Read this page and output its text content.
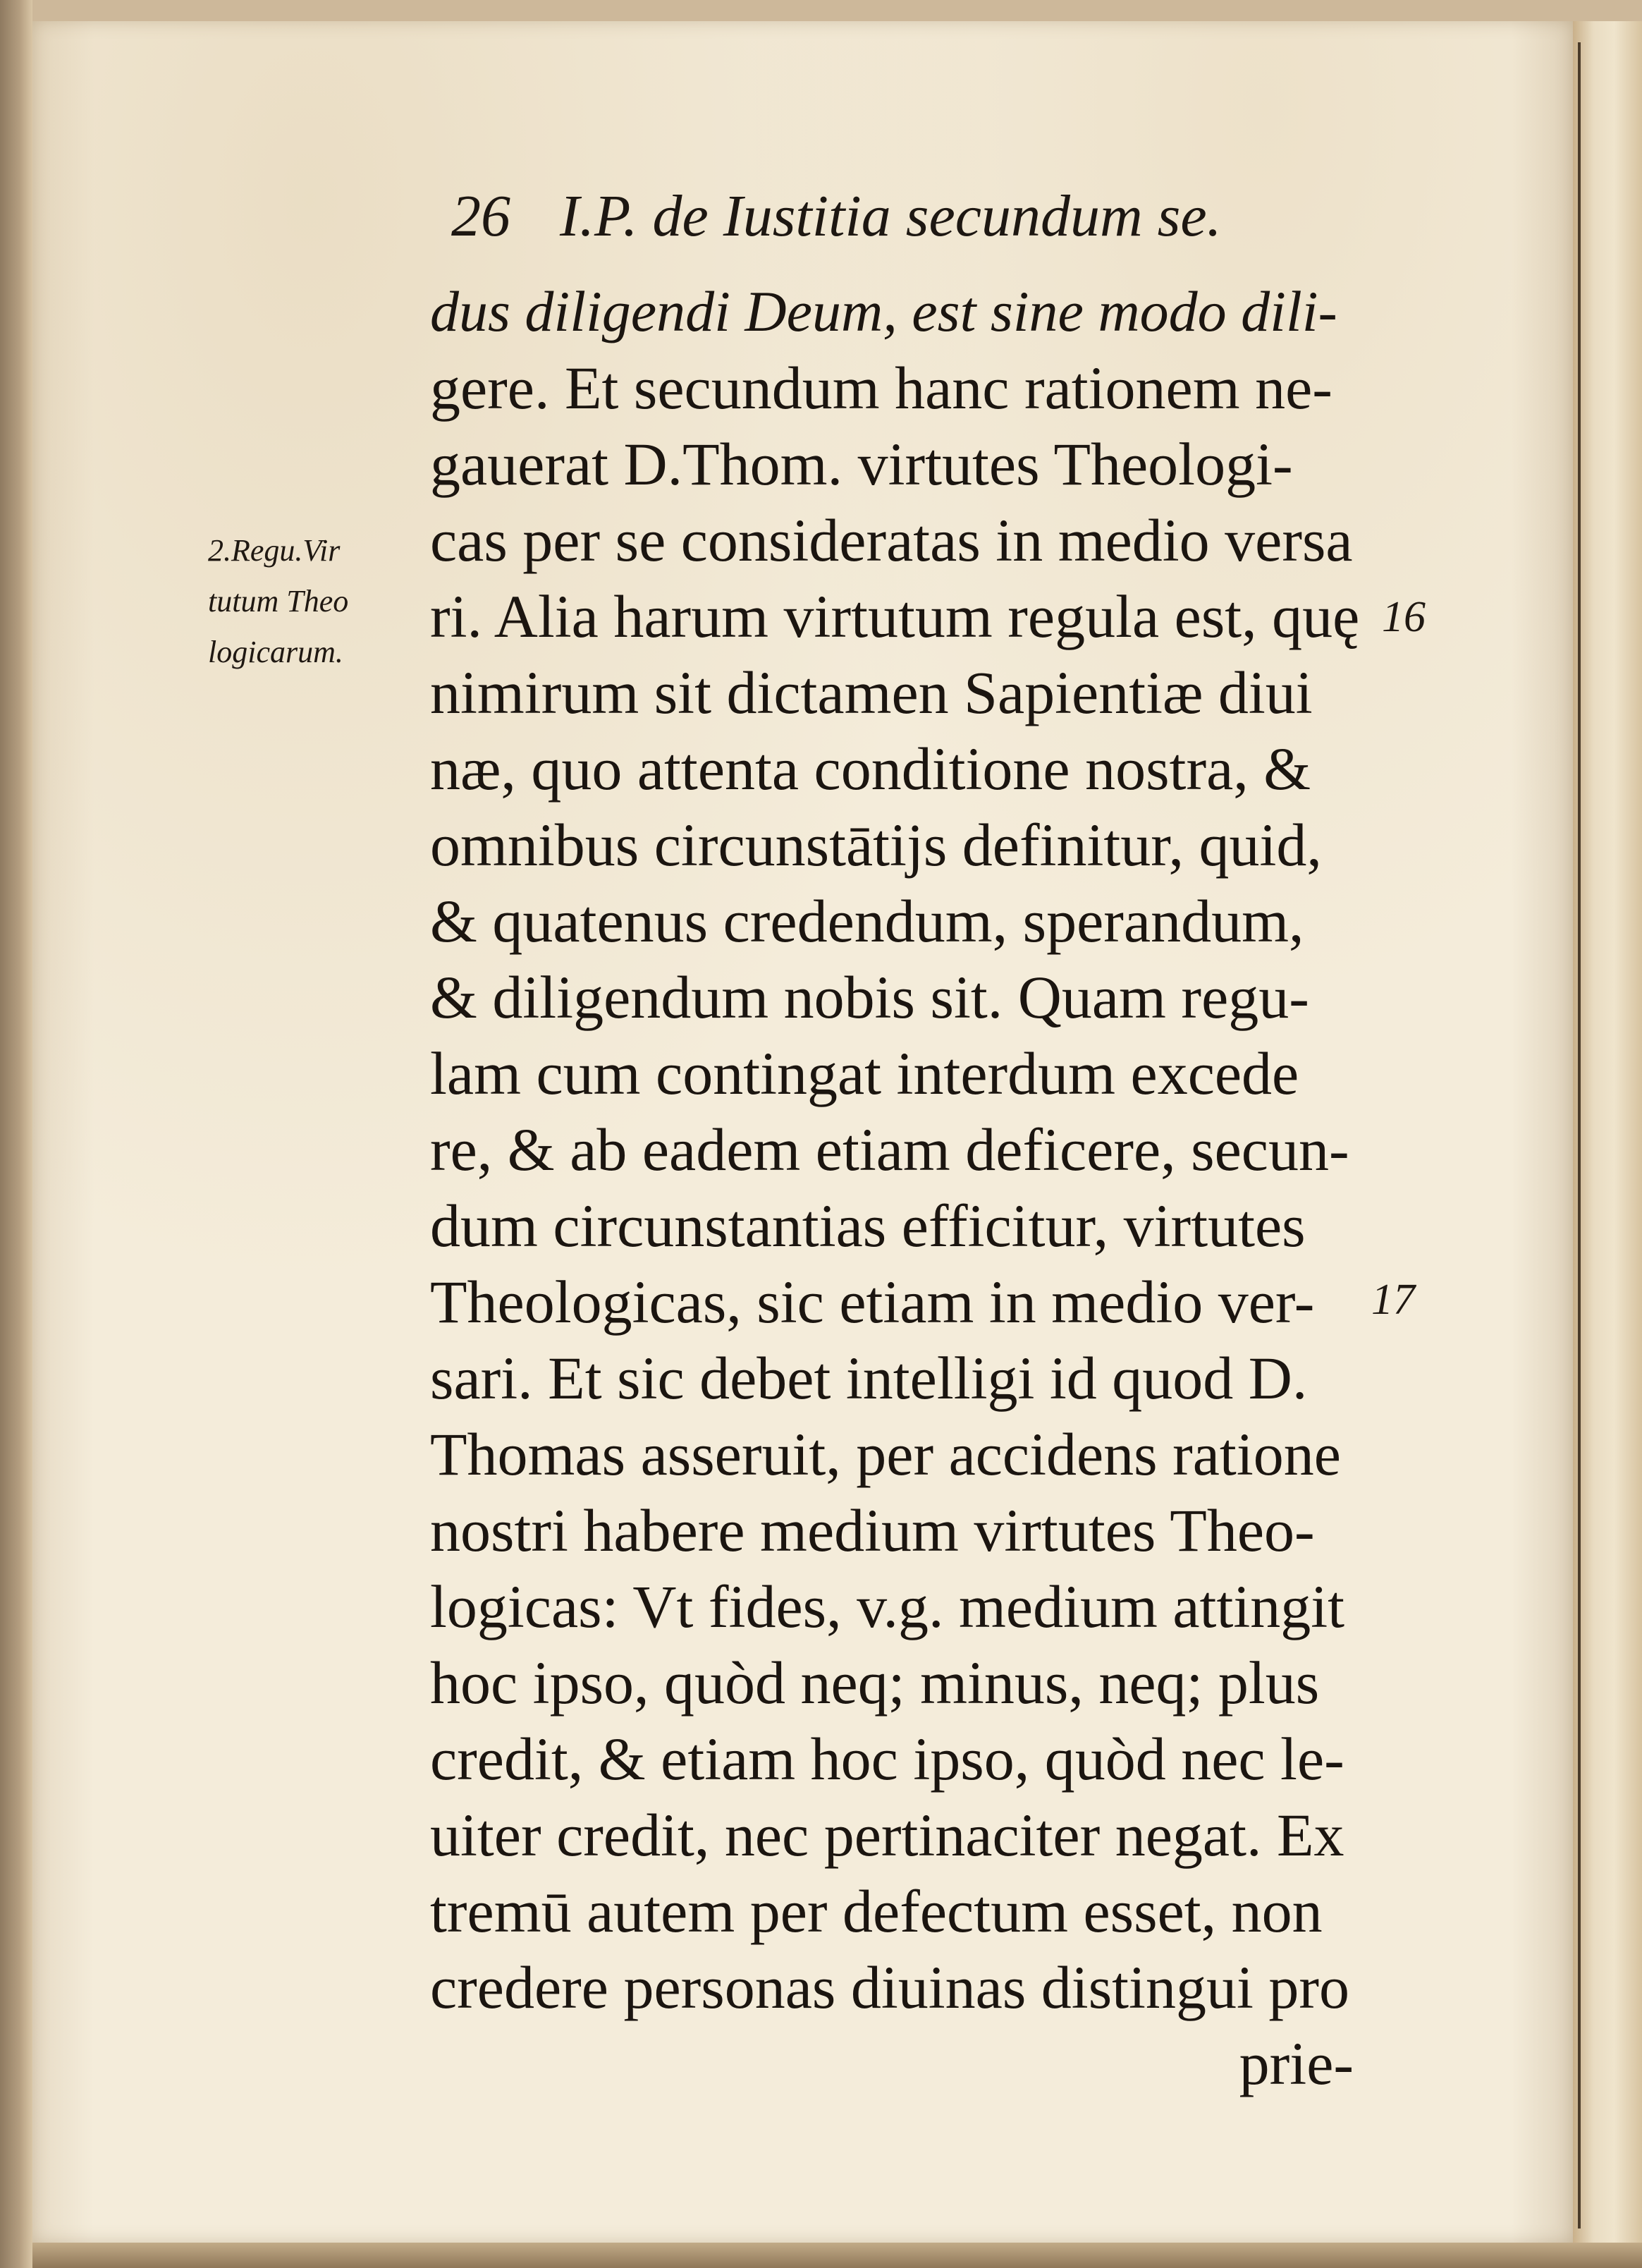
26 I.P. de Iustitia secundum se.
2.Regu.Vir
tutum Theo
logicarum.
16
17
dus diligendi Deum, est sine modo dili-
gere. Et secundum hanc rationem ne-
gauerat D.Thom. virtutes Theologi-
cas per se consideratas in medio versa
ri. Alia harum virtutum regula est, quę
nimirum sit dictamen Sapientiæ diui
næ, quo attenta conditione nostra, &
omnibus circunstātijs definitur, quid,
& quatenus credendum, sperandum,
& diligendum nobis sit. Quam regu-
lam cum contingat interdum excede
re, & ab eadem etiam deficere, secun-
dum circunstantias efficitur, virtutes
Theologicas, sic etiam in medio ver-
sari. Et sic debet intelligi id quod D.
Thomas asseruit, per accidens ratione
nostri habere medium virtutes Theo-
logicas: Vt fides, v.g. medium attingit
hoc ipso, quòd neq; minus, neq; plus
credit, & etiam hoc ipso, quòd nec le-
uiter credit, nec pertinaciter negat. Ex
tremū autem per defectum esset, non
credere personas diuinas distingui pro
prie-
